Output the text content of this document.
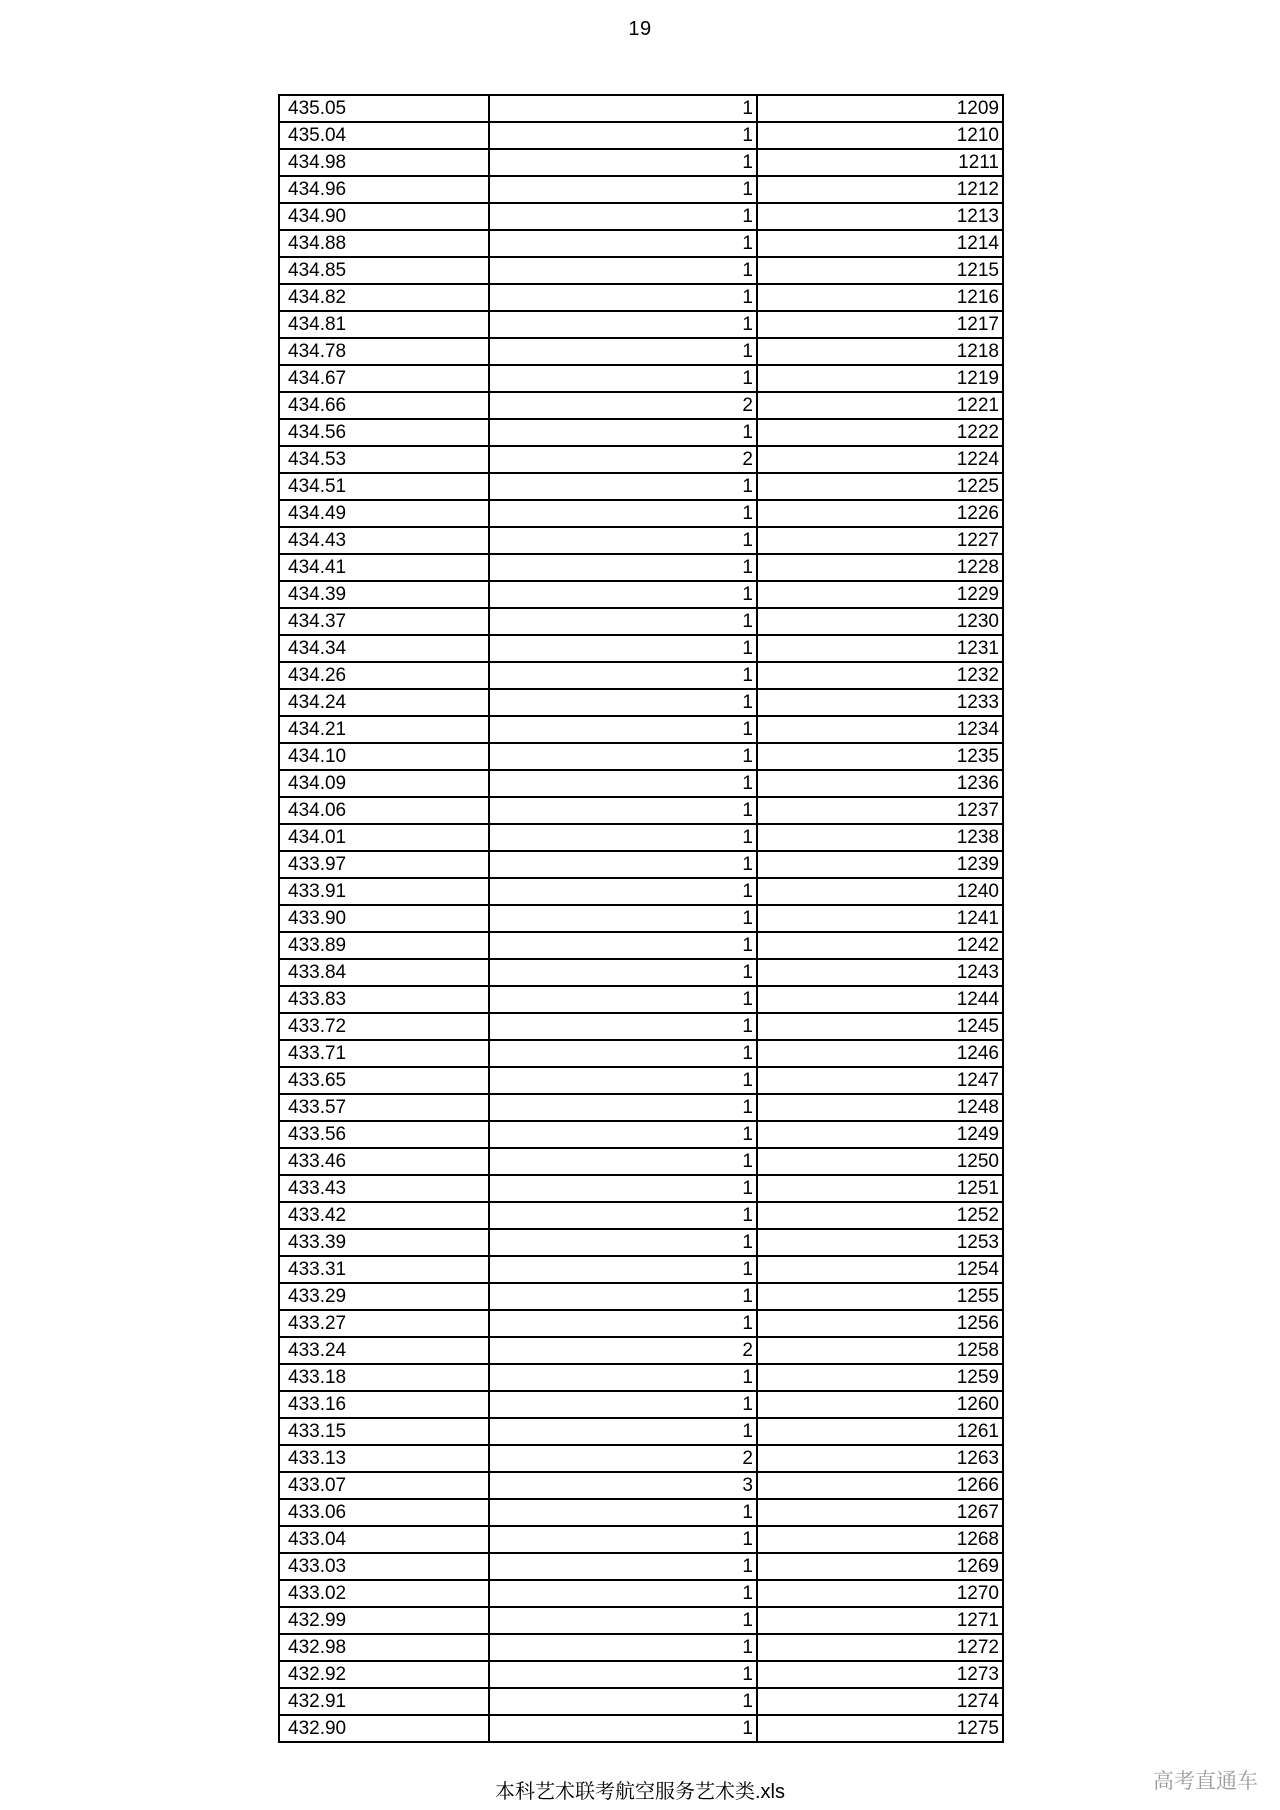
19
435.05	1	1209
435.04	1	1210
434.98	1	1211
434.96	1	1212
434.90	1	1213
434.88	1	1214
434.85	1	1215
434.82	1	1216
434.81	1	1217
434.78	1	1218
434.67	1	1219
434.66	2	1221
434.56	1	1222
434.53	2	1224
434.51	1	1225
434.49	1	1226
434.43	1	1227
434.41	1	1228
434.39	1	1229
434.37	1	1230
434.34	1	1231
434.26	1	1232
434.24	1	1233
434.21	1	1234
434.10	1	1235
434.09	1	1236
434.06	1	1237
434.01	1	1238
433.97	1	1239
433.91	1	1240
433.90	1	1241
433.89	1	1242
433.84	1	1243
433.83	1	1244
433.72	1	1245
433.71	1	1246
433.65	1	1247
433.57	1	1248
433.56	1	1249
433.46	1	1250
433.43	1	1251
433.42	1	1252
433.39	1	1253
433.31	1	1254
433.29	1	1255
433.27	1	1256
433.24	2	1258
433.18	1	1259
433.16	1	1260
433.15	1	1261
433.13	2	1263
433.07	3	1266
433.06	1	1267
433.04	1	1268
433.03	1	1269
433.02	1	1270
432.99	1	1271
432.98	1	1272
432.92	1	1273
432.91	1	1274
432.90	1	1275
本科艺术联考航空服务艺术类.xls	高考直通车
